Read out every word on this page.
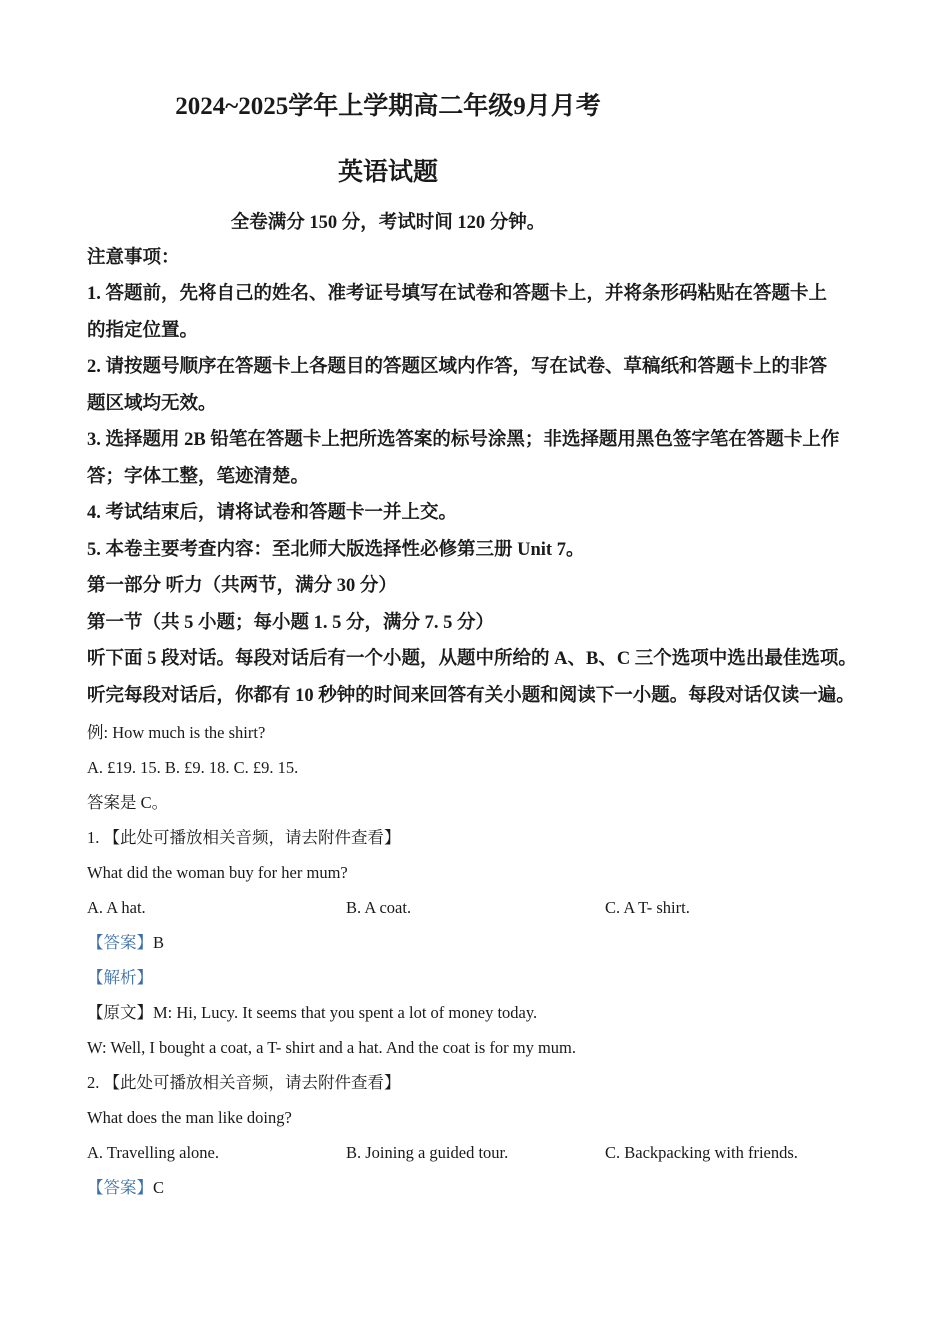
2024~2025学年上学期高二年级9月月考
英语试题
全卷满分 150 分，考试时间 120 分钟。
注意事项：
1. 答题前，先将自己的姓名、准考证号填写在试卷和答题卡上，并将条形码粘贴在答题卡上
的指定位置。
2. 请按题号顺序在答题卡上各题目的答题区域内作答，写在试卷、草稿纸和答题卡上的非答
题区域均无效。
3. 选择题用 2B 铅笔在答题卡上把所选答案的标号涂黑；非选择题用黑色签字笔在答题卡上作
答；字体工整，笔迹清楚。
4. 考试结束后，请将试卷和答题卡一并上交。
5. 本卷主要考查内容：至北师大版选择性必修第三册 Unit 7。
第一部分 听力（共两节，满分 30 分）
第一节（共 5 小题；每小题 1. 5 分，满分 7. 5 分）
听下面 5 段对话。每段对话后有一个小题，从题中所给的 A、B、C 三个选项中选出最佳选项。
听完每段对话后，你都有 10 秒钟的时间来回答有关小题和阅读下一小题。每段对话仅读一遍。
例: How much is the shirt?
A. £19. 15. B. £9. 18. C. £9. 15.
答案是 C。
1. 【此处可播放相关音频，请去附件查看】
What did the woman buy for her mum?
A. A hat.	B. A coat.	C. A T- shirt.
【答案】B
【解析】
【原文】M: Hi, Lucy. It seems that you spent a lot of money today.
W: Well, I bought a coat, a T- shirt and a hat. And the coat is for my mum.
2. 【此处可播放相关音频，请去附件查看】
What does the man like doing?
A. Travelling alone.	B. Joining a guided tour.	C. Backpacking with friends.
【答案】C
